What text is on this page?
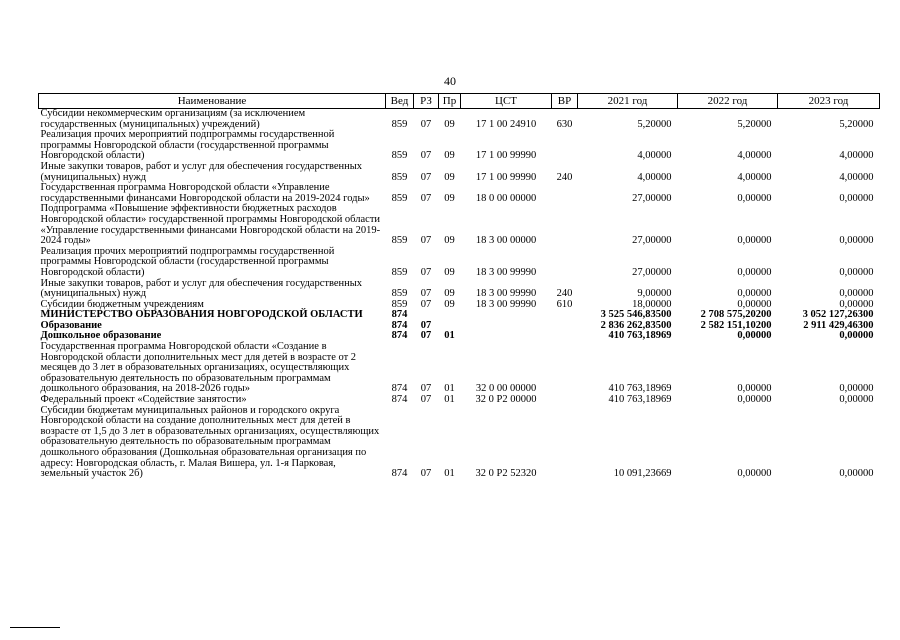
40
Наименование	Вед	РЗ	Пр	ЦСТ	ВР	2021 год	2022 год	2023 год
Субсидии некоммерческим организациям (за исключением государственных (муниципальных) учреждений)	859	07	09	17 1 00 24910	630	5,20000	5,20000	5,20000
Реализация прочих мероприятий подпрограммы государственной программы Новгородской области (государственной программы Новгородской области)	859	07	09	17 1 00 99990		4,00000	4,00000	4,00000
Иные закупки товаров, работ и услуг для обеспечения государственных (муниципальных) нужд	859	07	09	17 1 00 99990	240	4,00000	4,00000	4,00000
Государственная программа Новгородской области «Управление государственными финансами Новгородской области на 2019-2024 годы»	859	07	09	18 0 00 00000		27,00000	0,00000	0,00000
Подпрограмма «Повышение эффективности бюджетных расходов Новгородской области» государственной программы Новгородской области «Управление государственными финансами Новгородской области на 2019-2024 годы»	859	07	09	18 3 00 00000		27,00000	0,00000	0,00000
Реализация прочих мероприятий подпрограммы государственной программы Новгородской области (государственной программы Новгородской области)	859	07	09	18 3 00 99990		27,00000	0,00000	0,00000
Иные закупки товаров, работ и услуг для обеспечения государственных (муниципальных) нужд	859	07	09	18 3 00 99990	240	9,00000	0,00000	0,00000
Субсидии бюджетным учреждениям	859	07	09	18 3 00 99990	610	18,00000	0,00000	0,00000
МИНИСТЕРСТВО ОБРАЗОВАНИЯ НОВГОРОДСКОЙ ОБЛАСТИ	874					3 525 546,83500	2 708 575,20200	3 052 127,26300
Образование	874	07				2 836 262,83500	2 582 151,10200	2 911 429,46300
Дошкольное образование	874	07	01			410 763,18969	0,00000	0,00000
Государственная программа Новгородской области «Создание в Новгородской области дополнительных мест для детей в возрасте от 2 месяцев до 3 лет в образовательных организациях, осуществляющих образовательную деятельность по образовательным программам дошкольного образования, на 2018-2026 годы»	874	07	01	32 0 00 00000		410 763,18969	0,00000	0,00000
Федеральный проект «Содействие занятости»	874	07	01	32 0 P2 00000		410 763,18969	0,00000	0,00000
Субсидии бюджетам муниципальных районов и городского округа Новгородской области на создание дополнительных мест для детей в возрасте от 1,5 до 3 лет в образовательных организациях, осуществляющих образовательную деятельность по образовательным программам дошкольного образования (Дошкольная образовательная организация по адресу: Новгородская область, г. Малая Вишера, ул. 1-я Парковая, земельный участок 2б)	874	07	01	32 0 P2 52320		10 091,23669	0,00000	0,00000
